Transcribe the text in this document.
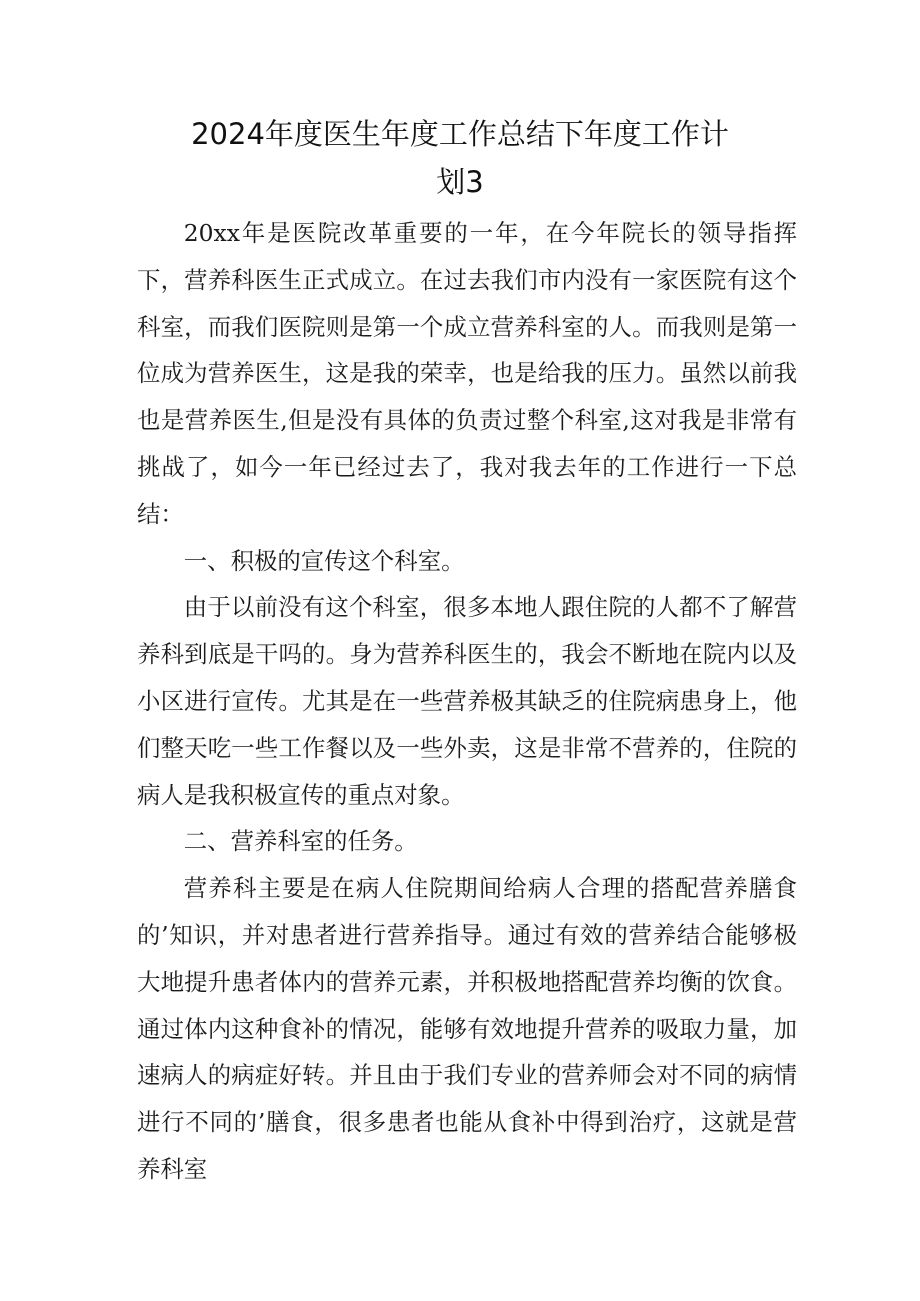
2024年度医生年度工作总结下年度工作计
划3

20xx年是医院改革重要的一年，在今年院长的领导指挥下，营养科医生正式成立。在过去我们市内没有一家医院有这个科室，而我们医院则是第一个成立营养科室的人。而我则是第一位成为营养医生，这是我的荣幸，也是给我的压力。虽然以前我也是营养医生,但是没有具体的负责过整个科室,这对我是非常有挑战了，如今一年已经过去了，我对我去年的工作进行一下总结：

一、积极的宣传这个科室。

由于以前没有这个科室，很多本地人跟住院的人都不了解营养科到底是干吗的。身为营养科医生的，我会不断地在院内以及小区进行宣传。尤其是在一些营养极其缺乏的住院病患身上，他们整天吃一些工作餐以及一些外卖，这是非常不营养的，住院的病人是我积极宣传的重点对象。

二、营养科室的任务。

营养科主要是在病人住院期间给病人合理的搭配营养膳食的’知识，并对患者进行营养指导。通过有效的营养结合能够极大地提升患者体内的营养元素，并积极地搭配营养均衡的饮食。通过体内这种食补的情况，能够有效地提升营养的吸取力量，加速病人的病症好转。并且由于我们专业的营养师会对不同的病情进行不同的’膳食，很多患者也能从食补中得到治疗，这就是营养科室
